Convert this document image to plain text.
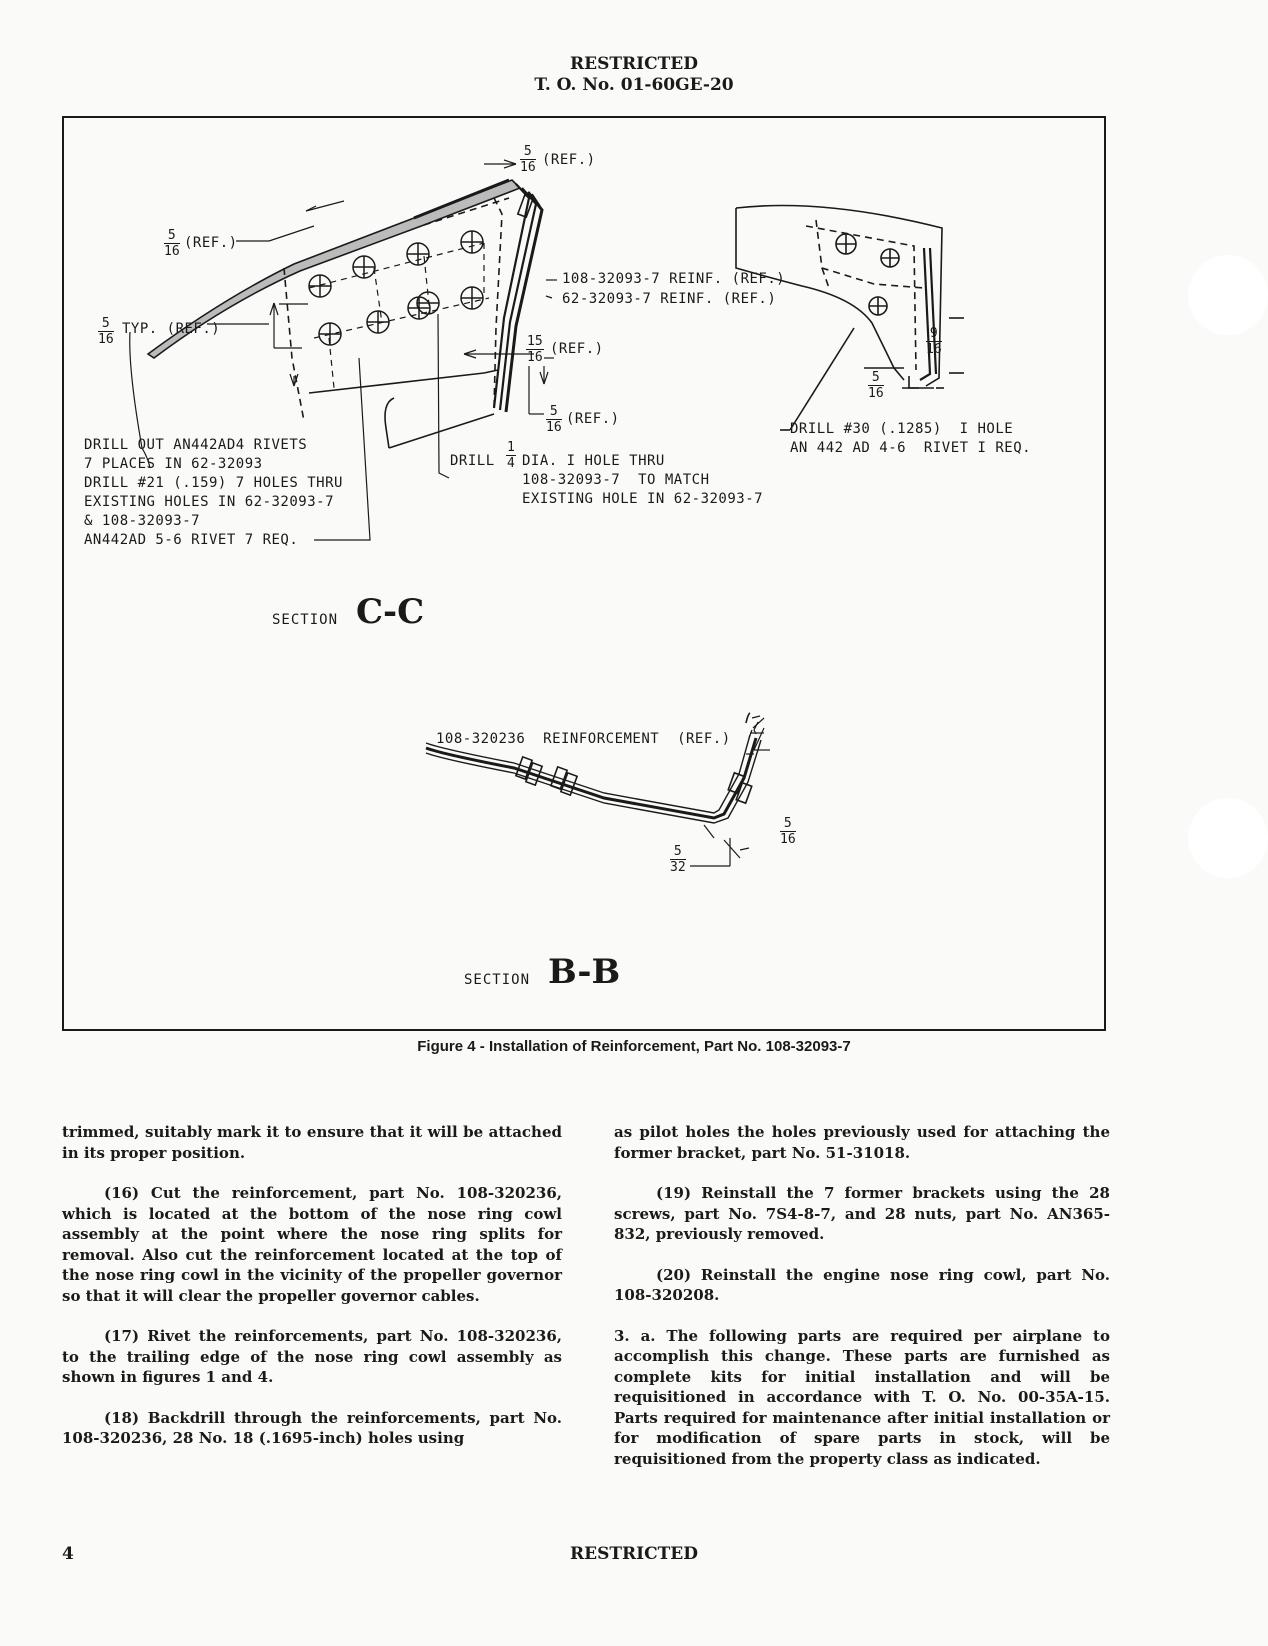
RESTRICTED
T. O. No. 01-60GE-20
$\frac{5}{16} (REF.)$
$\frac{5}{16} (REF.)$
$\frac{5}{16}$ TYP. (REF.)
108-32093-7 REINF. (REF.)
62-32093-7 REINF. (REF.)
$\frac{15}{16} (REF.)$
$\frac{5}{16} (REF.)$
DRILL OUT AN442AD4 RIVETS
7 PLACES IN 62-32093
DRILL #21 (.159) 7 HOLES THRU
EXISTING HOLES IN 62-32093-7
& 108-32093-7
AN442AD 5-6 RIVET 7 REQ.
DRILL $\frac{1}{4}$ DIA. I HOLE THRU
108-32093-7  TO MATCH
EXISTING HOLE IN 62-32093-7
$\frac{9}{16}$
$\frac{5}{16}$
DRILL #30 (.1285)  I HOLE
AN 442 AD 4-6  RIVET I REQ.
SECTION C-C
108-320236  REINFORCEMENT  (REF.)
$\frac{5}{16}$
$\frac{5}{32}$
SECTION B-B
Figure 4 - Installation of Reinforcement, Part No. 108-32093-7

trimmed, suitably mark it to ensure that it will be attached in its proper position.

(16) Cut the reinforcement, part No. 108-320236, which is located at the bottom of the nose ring cowl assembly at the point where the nose ring splits for removal. Also cut the reinforcement located at the top of the nose ring cowl in the vicinity of the propeller governor so that it will clear the propeller governor cables.

(17) Rivet the reinforcements, part No. 108-320236, to the trailing edge of the nose ring cowl assembly as shown in figures 1 and 4.

(18) Backdrill through the reinforcements, part No. 108-320236, 28 No. 18 (.1695-inch) holes using

as pilot holes the holes previously used for attaching the former bracket, part No. 51-31018.

(19) Reinstall the 7 former brackets using the 28 screws, part No. 7S4-8-7, and 28 nuts, part No. AN365-832, previously removed.

(20) Reinstall the engine nose ring cowl, part No. 108-320208.

3. a. The following parts are required per airplane to accomplish this change. These parts are furnished as complete kits for initial installation and will be requisitioned in accordance with T. O. No. 00-35A-15. Parts required for maintenance after initial installation or for modification of spare parts in stock, will be requisitioned from the property class as indicated.

4	RESTRICTED
